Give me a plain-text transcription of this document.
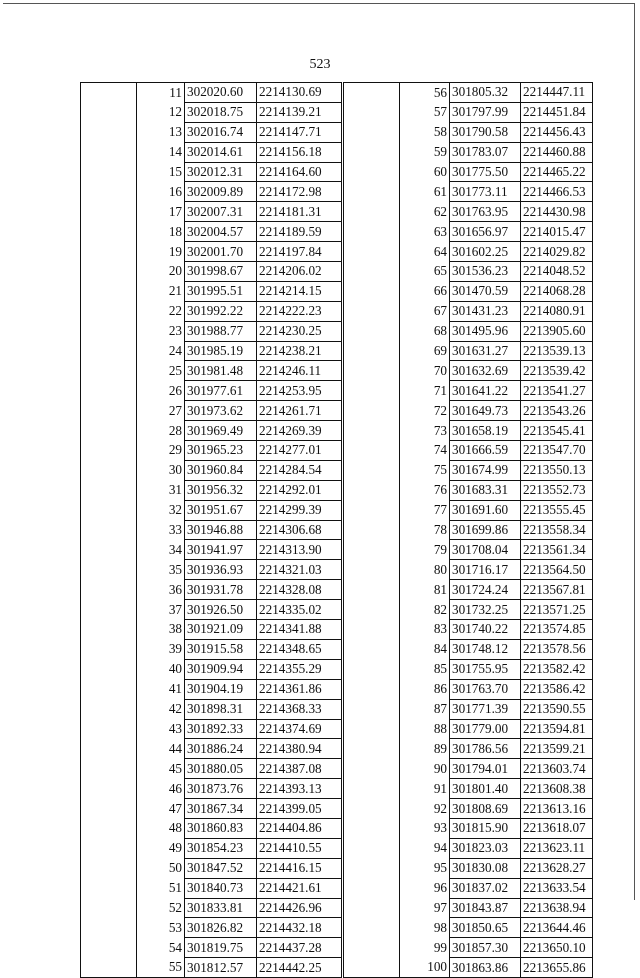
523
	11	302020.60	2214130.69
	12	302018.75	2214139.21
	13	302016.74	2214147.71
	14	302014.61	2214156.18
	15	302012.31	2214164.60
	16	302009.89	2214172.98
	17	302007.31	2214181.31
	18	302004.57	2214189.59
	19	302001.70	2214197.84
	20	301998.67	2214206.02
	21	301995.51	2214214.15
	22	301992.22	2214222.23
	23	301988.77	2214230.25
	24	301985.19	2214238.21
	25	301981.48	2214246.11
	26	301977.61	2214253.95
	27	301973.62	2214261.71
	28	301969.49	2214269.39
	29	301965.23	2214277.01
	30	301960.84	2214284.54
	31	301956.32	2214292.01
	32	301951.67	2214299.39
	33	301946.88	2214306.68
	34	301941.97	2214313.90
	35	301936.93	2214321.03
	36	301931.78	2214328.08
	37	301926.50	2214335.02
	38	301921.09	2214341.88
	39	301915.58	2214348.65
	40	301909.94	2214355.29
	41	301904.19	2214361.86
	42	301898.31	2214368.33
	43	301892.33	2214374.69
	44	301886.24	2214380.94
	45	301880.05	2214387.08
	46	301873.76	2214393.13
	47	301867.34	2214399.05
	48	301860.83	2214404.86
	49	301854.23	2214410.55
	50	301847.52	2214416.15
	51	301840.73	2214421.61
	52	301833.81	2214426.96
	53	301826.82	2214432.18
	54	301819.75	2214437.28
	55	301812.57	2214442.25
	56	301805.32	2214447.11
	57	301797.99	2214451.84
	58	301790.58	2214456.43
	59	301783.07	2214460.88
	60	301775.50	2214465.22
	61	301773.11	2214466.53
	62	301763.95	2214430.98
	63	301656.97	2214015.47
	64	301602.25	2214029.82
	65	301536.23	2214048.52
	66	301470.59	2214068.28
	67	301431.23	2214080.91
	68	301495.96	2213905.60
	69	301631.27	2213539.13
	70	301632.69	2213539.42
	71	301641.22	2213541.27
	72	301649.73	2213543.26
	73	301658.19	2213545.41
	74	301666.59	2213547.70
	75	301674.99	2213550.13
	76	301683.31	2213552.73
	77	301691.60	2213555.45
	78	301699.86	2213558.34
	79	301708.04	2213561.34
	80	301716.17	2213564.50
	81	301724.24	2213567.81
	82	301732.25	2213571.25
	83	301740.22	2213574.85
	84	301748.12	2213578.56
	85	301755.95	2213582.42
	86	301763.70	2213586.42
	87	301771.39	2213590.55
	88	301779.00	2213594.81
	89	301786.56	2213599.21
	90	301794.01	2213603.74
	91	301801.40	2213608.38
	92	301808.69	2213613.16
	93	301815.90	2213618.07
	94	301823.03	2213623.11
	95	301830.08	2213628.27
	96	301837.02	2213633.54
	97	301843.87	2213638.94
	98	301850.65	2213644.46
	99	301857.30	2213650.10
	100	301863.86	2213655.86
